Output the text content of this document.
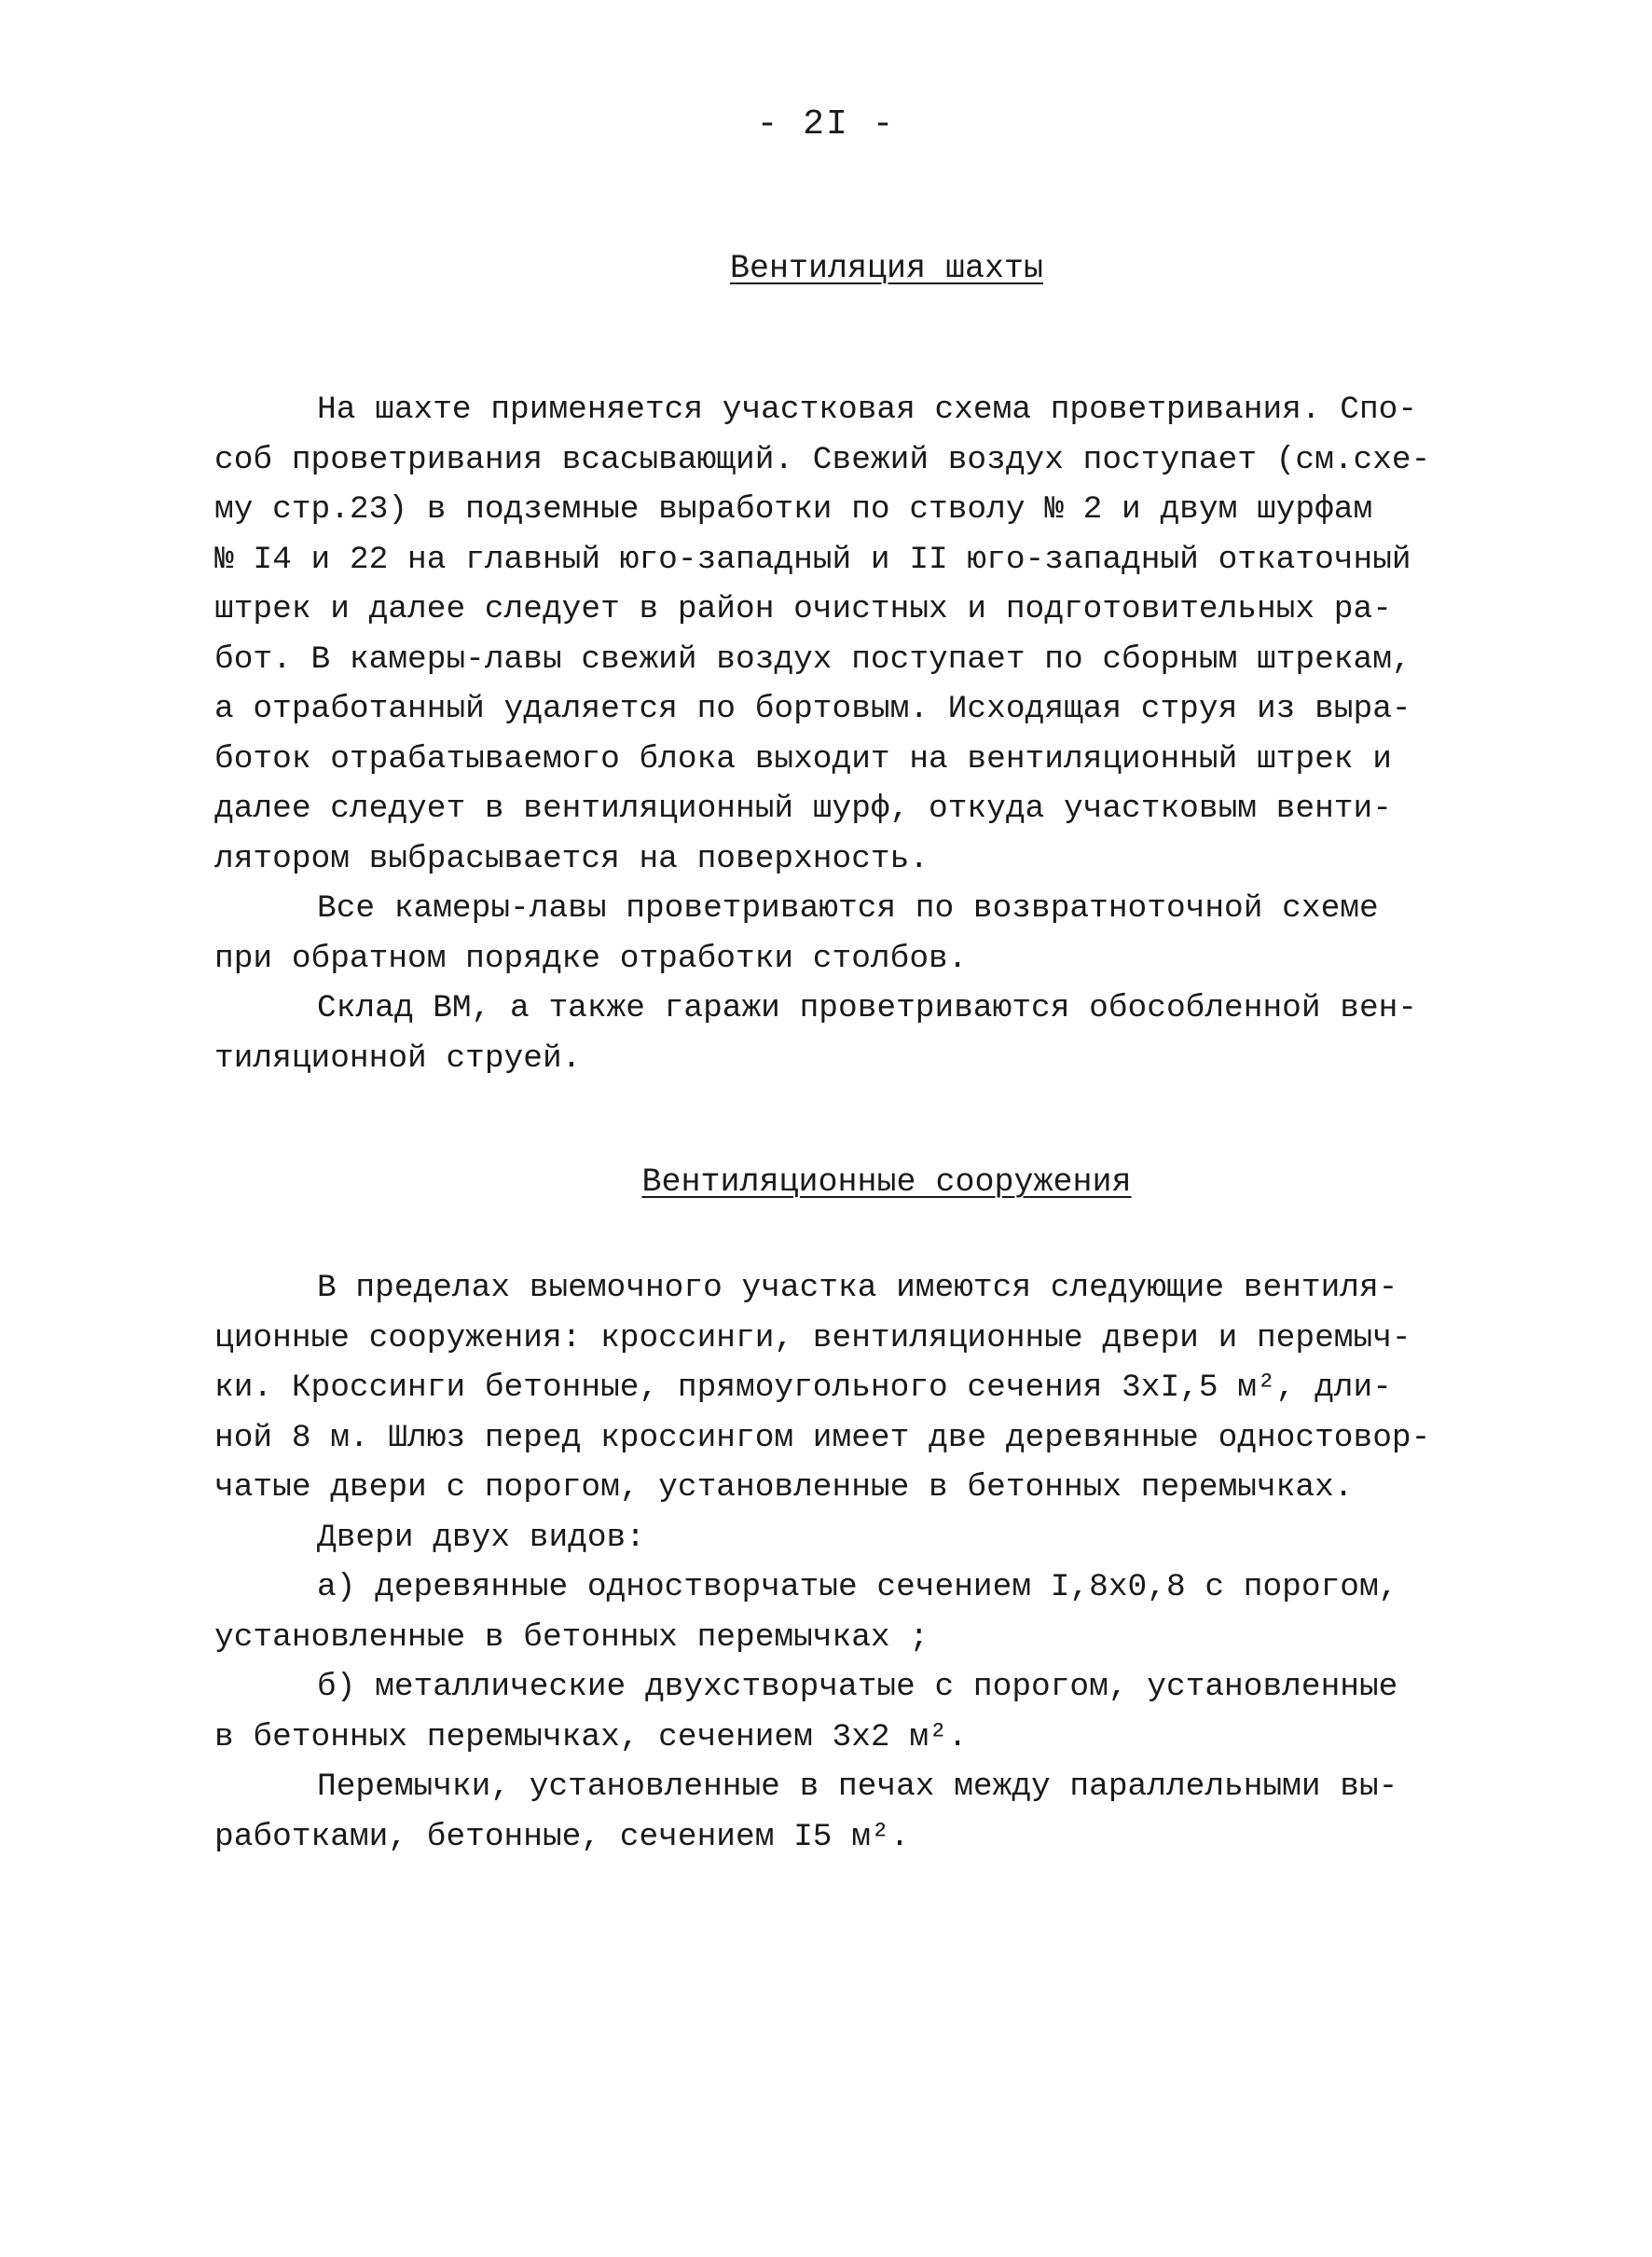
- 2I -
Вентиляция шахты
На шахте применяется участковая схема проветривания. Спо-
соб проветривания всасывающий. Свежий воздух поступает (см.схе-
му стр.23) в подземные выработки по стволу № 2 и двум шурфам
№ I4 и 22 на главный юго-западный и II юго-западный откаточный
штрек и далее следует в район очистных и подготовительных ра-
бот. В камеры-лавы свежий воздух поступает по сборным штрекам,
а отработанный удаляется по бортовым. Исходящая струя из выра-
боток отрабатываемого блока выходит на вентиляционный штрек и
далее следует в вентиляционный шурф, откуда участковым венти-
лятором выбрасывается на поверхность.
Все камеры-лавы проветриваются по возвратноточной схеме
при обратном порядке отработки столбов.
Склад ВМ, а также гаражи проветриваются обособленной вен-
тиляционной струей.
Вентиляционные сооружения
В пределах выемочного участка имеются следующие вентиля-
ционные сооружения: кроссинги, вентиляционные двери и перемыч-
ки. Кроссинги бетонные, прямоугольного сечения 3хI,5 м², дли-
ной 8 м. Шлюз перед кроссингом имеет две деревянные одностовор-
чатые двери с порогом, установленные в бетонных перемычках.
Двери двух видов:
а) деревянные одностворчатые сечением I,8х0,8 с порогом,
установленные в бетонных перемычках ;
б) металлические двухстворчатые с порогом, установленные
в бетонных перемычках, сечением 3х2 м².
Перемычки, установленные в печах между параллельными вы-
работками, бетонные, сечением I5 м².
